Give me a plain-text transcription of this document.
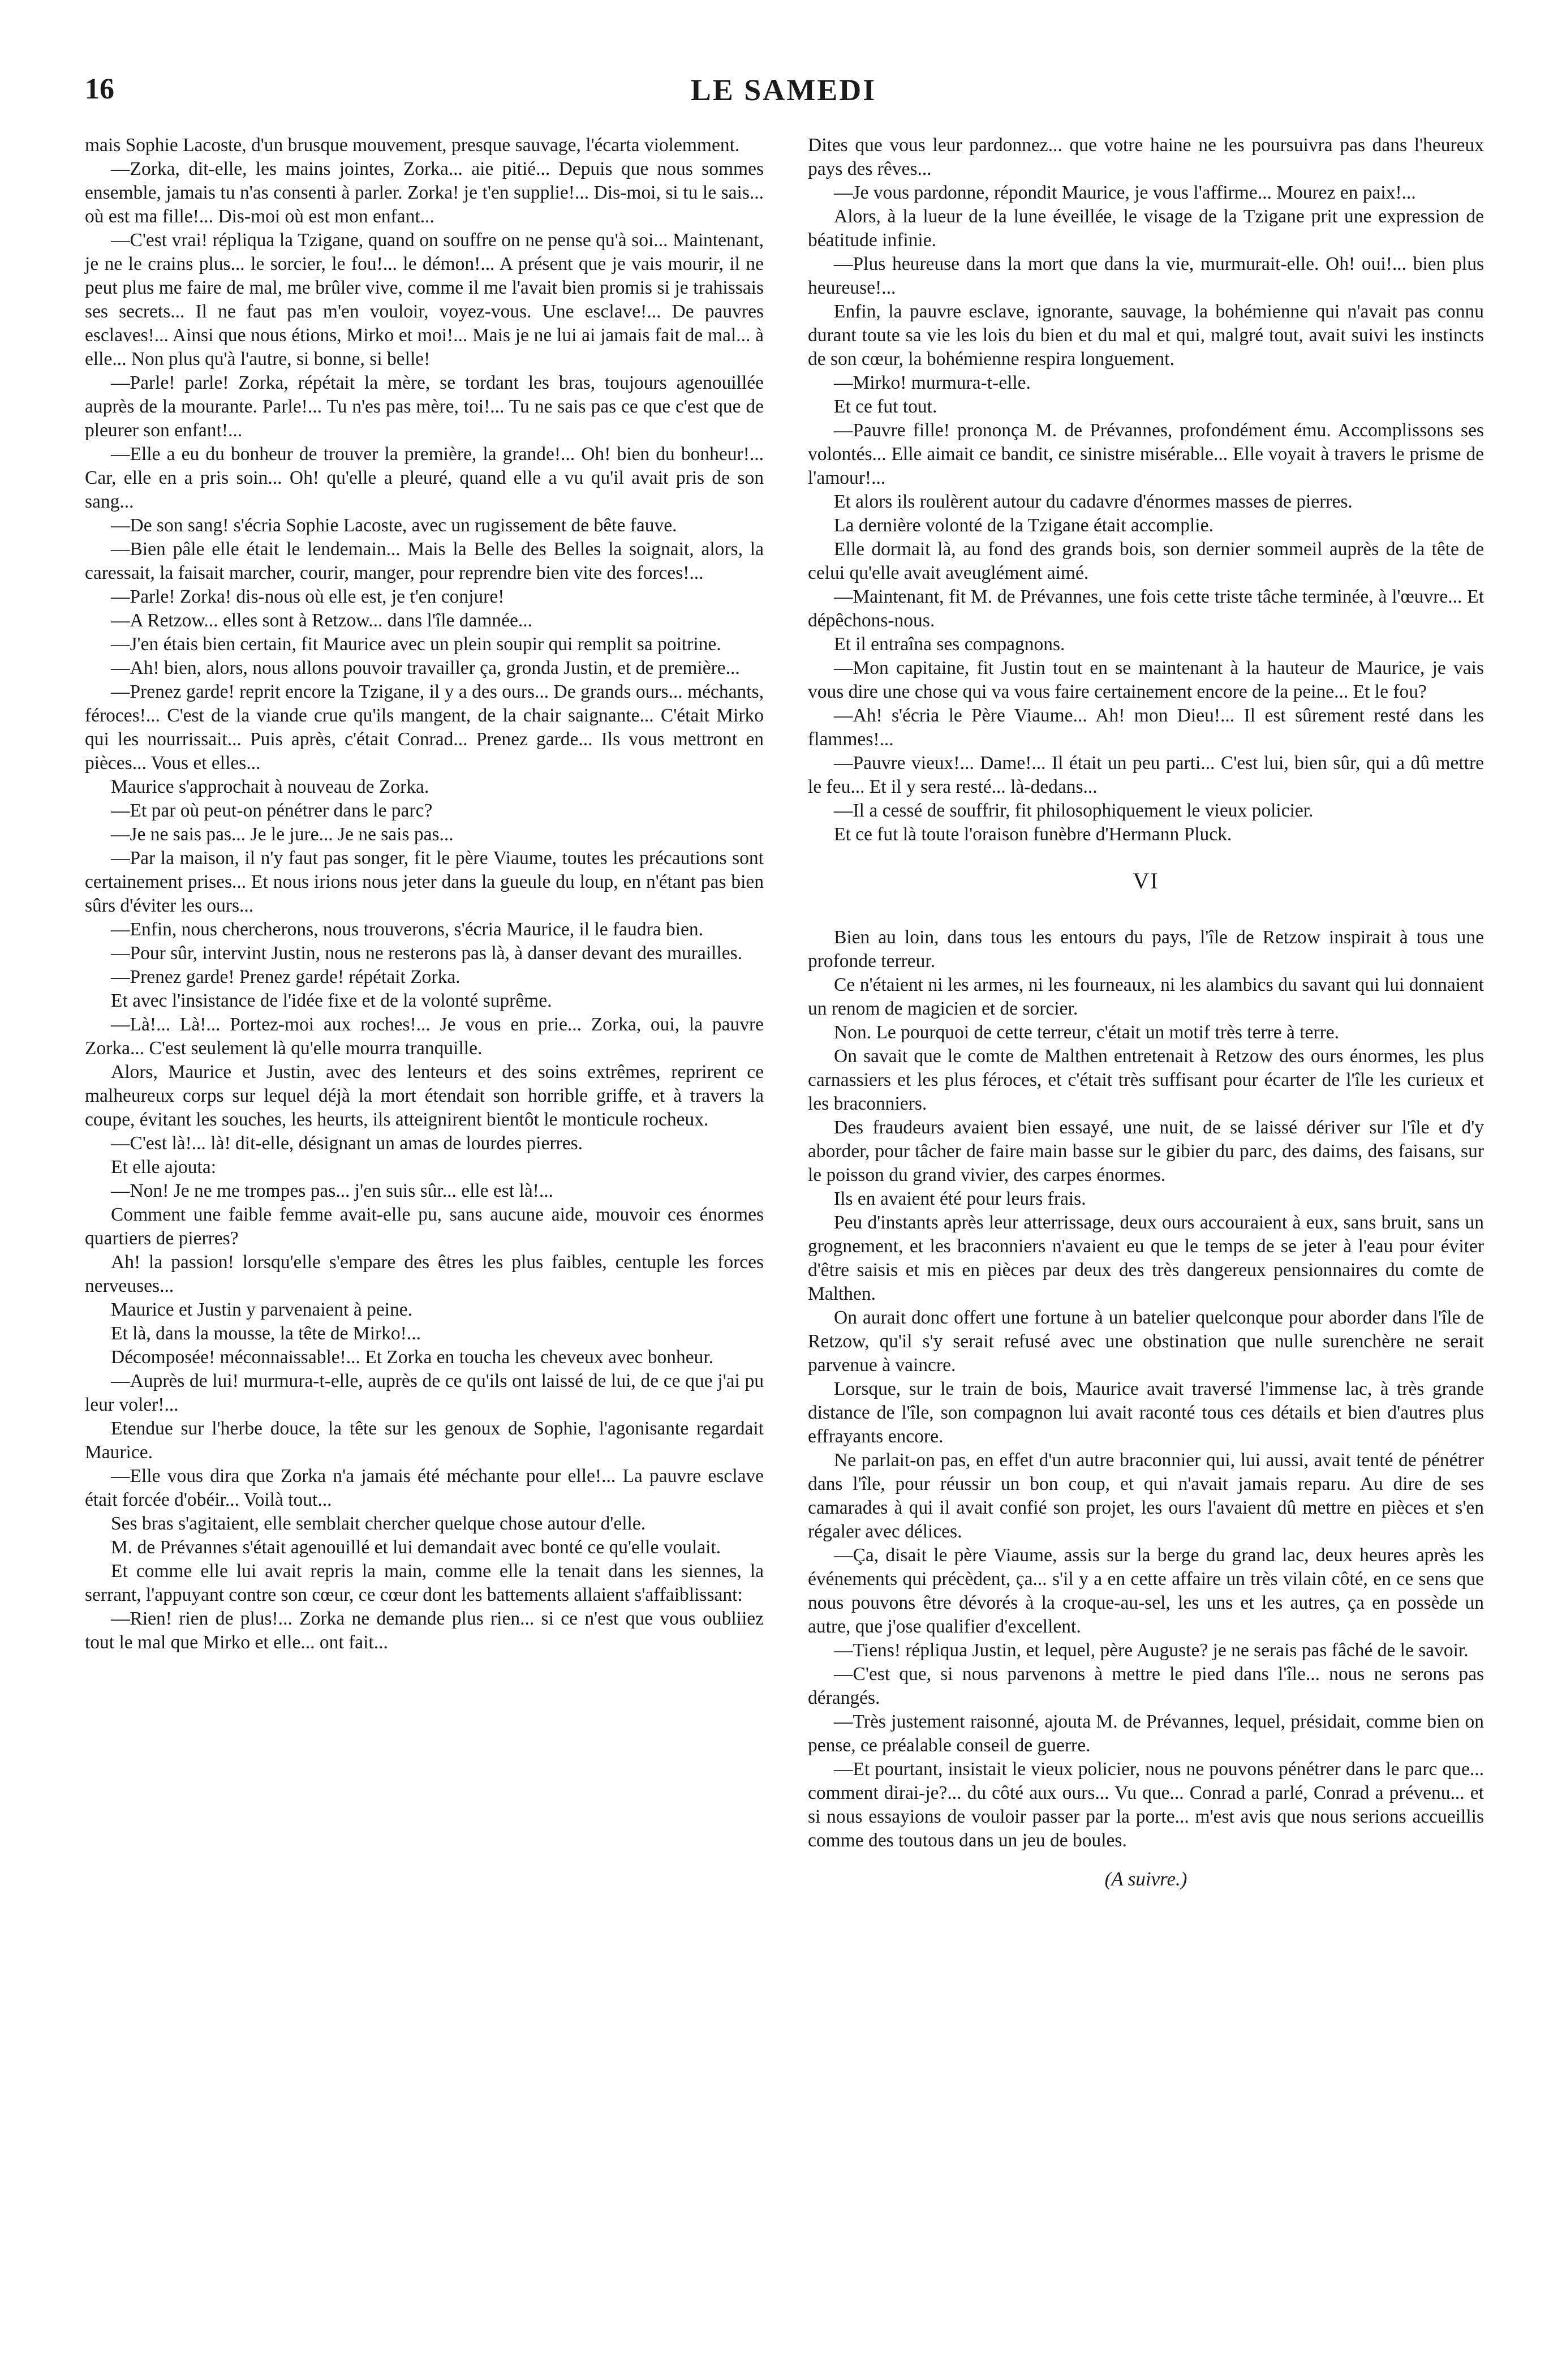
16	LE SAMEDI

mais Sophie Lacoste, d'un brusque mouvement, presque sauvage, l'écarta violemment.

—Zorka, dit-elle, les mains jointes, Zorka... aie pitié... Depuis que nous sommes ensemble, jamais tu n'as consenti à parler. Zorka! je t'en supplie!... Dis-moi, si tu le sais... où est ma fille!... Dis-moi où est mon enfant...

—C'est vrai! répliqua la Tzigane, quand on souffre on ne pense qu'à soi... Maintenant, je ne le crains plus... le sorcier, le fou!... le démon!... A présent que je vais mourir, il ne peut plus me faire de mal, me brûler vive, comme il me l'avait bien promis si je trahissais ses secrets... Il ne faut pas m'en vouloir, voyez-vous. Une esclave!... De pauvres esclaves!... Ainsi que nous étions, Mirko et moi!... Mais je ne lui ai jamais fait de mal... à elle... Non plus qu'à l'autre, si bonne, si belle!

—Parle! parle! Zorka, répétait la mère, se tordant les bras, toujours agenouillée auprès de la mourante. Parle!... Tu n'es pas mère, toi!... Tu ne sais pas ce que c'est que de pleurer son enfant!...

—Elle a eu du bonheur de trouver la première, la grande!... Oh! bien du bonheur!... Car, elle en a pris soin... Oh! qu'elle a pleuré, quand elle a vu qu'il avait pris de son sang...

—De son sang! s'écria Sophie Lacoste, avec un rugissement de bête fauve.

—Bien pâle elle était le lendemain... Mais la Belle des Belles la soignait, alors, la caressait, la faisait marcher, courir, manger, pour reprendre bien vite des forces!...

—Parle! Zorka! dis-nous où elle est, je t'en conjure!

—A Retzow... elles sont à Retzow... dans l'île damnée...

—J'en étais bien certain, fit Maurice avec un plein soupir qui remplit sa poitrine.

—Ah! bien, alors, nous allons pouvoir travailler ça, gronda Justin, et de première...

—Prenez garde! reprit encore la Tzigane, il y a des ours... De grands ours... méchants, féroces!... C'est de la viande crue qu'ils mangent, de la chair saignante... C'était Mirko qui les nourrissait... Puis après, c'était Conrad... Prenez garde... Ils vous mettront en pièces... Vous et elles...

Maurice s'approchait à nouveau de Zorka.

—Et par où peut-on pénétrer dans le parc?

—Je ne sais pas... Je le jure... Je ne sais pas...

—Par la maison, il n'y faut pas songer, fit le père Viaume, toutes les précautions sont certainement prises... Et nous irions nous jeter dans la gueule du loup, en n'étant pas bien sûrs d'éviter les ours...

—Enfin, nous chercherons, nous trouverons, s'écria Maurice, il le faudra bien.

—Pour sûr, intervint Justin, nous ne resterons pas là, à danser devant des murailles.

—Prenez garde! Prenez garde! répétait Zorka.

Et avec l'insistance de l'idée fixe et de la volonté suprême.

—Là!... Là!... Portez-moi aux roches!... Je vous en prie... Zorka, oui, la pauvre Zorka... C'est seulement là qu'elle mourra tranquille.

Alors, Maurice et Justin, avec des lenteurs et des soins extrêmes, reprirent ce malheureux corps sur lequel déjà la mort étendait son horrible griffe, et à travers la coupe, évitant les souches, les heurts, ils atteignirent bientôt le monticule rocheux.

—C'est là!... là! dit-elle, désignant un amas de lourdes pierres.

Et elle ajouta:

—Non! Je ne me trompes pas... j'en suis sûr... elle est là!...

Comment une faible femme avait-elle pu, sans aucune aide, mouvoir ces énormes quartiers de pierres?

Ah! la passion! lorsqu'elle s'empare des êtres les plus faibles, centuple les forces nerveuses...

Maurice et Justin y parvenaient à peine.

Et là, dans la mousse, la tête de Mirko!...

Décomposée! méconnaissable!... Et Zorka en toucha les cheveux avec bonheur.

—Auprès de lui! murmura-t-elle, auprès de ce qu'ils ont laissé de lui, de ce que j'ai pu leur voler!...

Etendue sur l'herbe douce, la tête sur les genoux de Sophie, l'agonisante regardait Maurice.

—Elle vous dira que Zorka n'a jamais été méchante pour elle!... La pauvre esclave était forcée d'obéir... Voilà tout...

Ses bras s'agitaient, elle semblait chercher quelque chose autour d'elle.

M. de Prévannes s'était agenouillé et lui demandait avec bonté ce qu'elle voulait.

Et comme elle lui avait repris la main, comme elle la tenait dans les siennes, la serrant, l'appuyant contre son cœur, ce cœur dont les battements allaient s'affaiblissant:

—Rien! rien de plus!... Zorka ne demande plus rien... si ce n'est que vous oubliiez tout le mal que Mirko et elle... ont fait...

Dites que vous leur pardonnez... que votre haine ne les poursuivra pas dans l'heureux pays des rêves...

—Je vous pardonne, répondit Maurice, je vous l'affirme... Mourez en paix!...

Alors, à la lueur de la lune éveillée, le visage de la Tzigane prit une expression de béatitude infinie.

—Plus heureuse dans la mort que dans la vie, murmurait-elle. Oh! oui!... bien plus heureuse!...

Enfin, la pauvre esclave, ignorante, sauvage, la bohémienne qui n'avait pas connu durant toute sa vie les lois du bien et du mal et qui, malgré tout, avait suivi les instincts de son cœur, la bohémienne respira longuement.

—Mirko! murmura-t-elle.

Et ce fut tout.

—Pauvre fille! prononça M. de Prévannes, profondément ému. Accomplissons ses volontés... Elle aimait ce bandit, ce sinistre misérable... Elle voyait à travers le prisme de l'amour!...

Et alors ils roulèrent autour du cadavre d'énormes masses de pierres.

La dernière volonté de la Tzigane était accomplie.

Elle dormait là, au fond des grands bois, son dernier sommeil auprès de la tête de celui qu'elle avait aveuglément aimé.

—Maintenant, fit M. de Prévannes, une fois cette triste tâche terminée, à l'œuvre... Et dépêchons-nous.

Et il entraîna ses compagnons.

—Mon capitaine, fit Justin tout en se maintenant à la hauteur de Maurice, je vais vous dire une chose qui va vous faire certainement encore de la peine... Et le fou?

—Ah! s'écria le Père Viaume... Ah! mon Dieu!... Il est sûrement resté dans les flammes!...

—Pauvre vieux!... Dame!... Il était un peu parti... C'est lui, bien sûr, qui a dû mettre le feu... Et il y sera resté... là-dedans...

—Il a cessé de souffrir, fit philosophiquement le vieux policier.

Et ce fut là toute l'oraison funèbre d'Hermann Pluck.

VI

Bien au loin, dans tous les entours du pays, l'île de Retzow inspirait à tous une profonde terreur.

Ce n'étaient ni les armes, ni les fourneaux, ni les alambics du savant qui lui donnaient un renom de magicien et de sorcier.

Non. Le pourquoi de cette terreur, c'était un motif très terre à terre.

On savait que le comte de Malthen entretenait à Retzow des ours énormes, les plus carnassiers et les plus féroces, et c'était très suffisant pour écarter de l'île les curieux et les braconniers.

Des fraudeurs avaient bien essayé, une nuit, de se laissé dériver sur l'île et d'y aborder, pour tâcher de faire main basse sur le gibier du parc, des daims, des faisans, sur le poisson du grand vivier, des carpes énormes.

Ils en avaient été pour leurs frais.

Peu d'instants après leur atterrissage, deux ours accouraient à eux, sans bruit, sans un grognement, et les braconniers n'avaient eu que le temps de se jeter à l'eau pour éviter d'être saisis et mis en pièces par deux des très dangereux pensionnaires du comte de Malthen.

On aurait donc offert une fortune à un batelier quelconque pour aborder dans l'île de Retzow, qu'il s'y serait refusé avec une obstination que nulle surenchère ne serait parvenue à vaincre.

Lorsque, sur le train de bois, Maurice avait traversé l'immense lac, à très grande distance de l'île, son compagnon lui avait raconté tous ces détails et bien d'autres plus effrayants encore.

Ne parlait-on pas, en effet d'un autre braconnier qui, lui aussi, avait tenté de pénétrer dans l'île, pour réussir un bon coup, et qui n'avait jamais reparu. Au dire de ses camarades à qui il avait confié son projet, les ours l'avaient dû mettre en pièces et s'en régaler avec délices.

—Ça, disait le père Viaume, assis sur la berge du grand lac, deux heures après les événements qui précèdent, ça... s'il y a en cette affaire un très vilain côté, en ce sens que nous pouvons être dévorés à la croque-au-sel, les uns et les autres, ça en possède un autre, que j'ose qualifier d'excellent.

—Tiens! répliqua Justin, et lequel, père Auguste? je ne serais pas fâché de le savoir.

—C'est que, si nous parvenons à mettre le pied dans l'île... nous ne serons pas dérangés.

—Très justement raisonné, ajouta M. de Prévannes, lequel, présidait, comme bien on pense, ce préalable conseil de guerre.

—Et pourtant, insistait le vieux policier, nous ne pouvons pénétrer dans le parc que... comment dirai-je?... du côté aux ours... Vu que... Conrad a parlé, Conrad a prévenu... et si nous essayions de vouloir passer par la porte... m'est avis que nous serions accueillis comme des toutous dans un jeu de boules.

(A suivre.)
